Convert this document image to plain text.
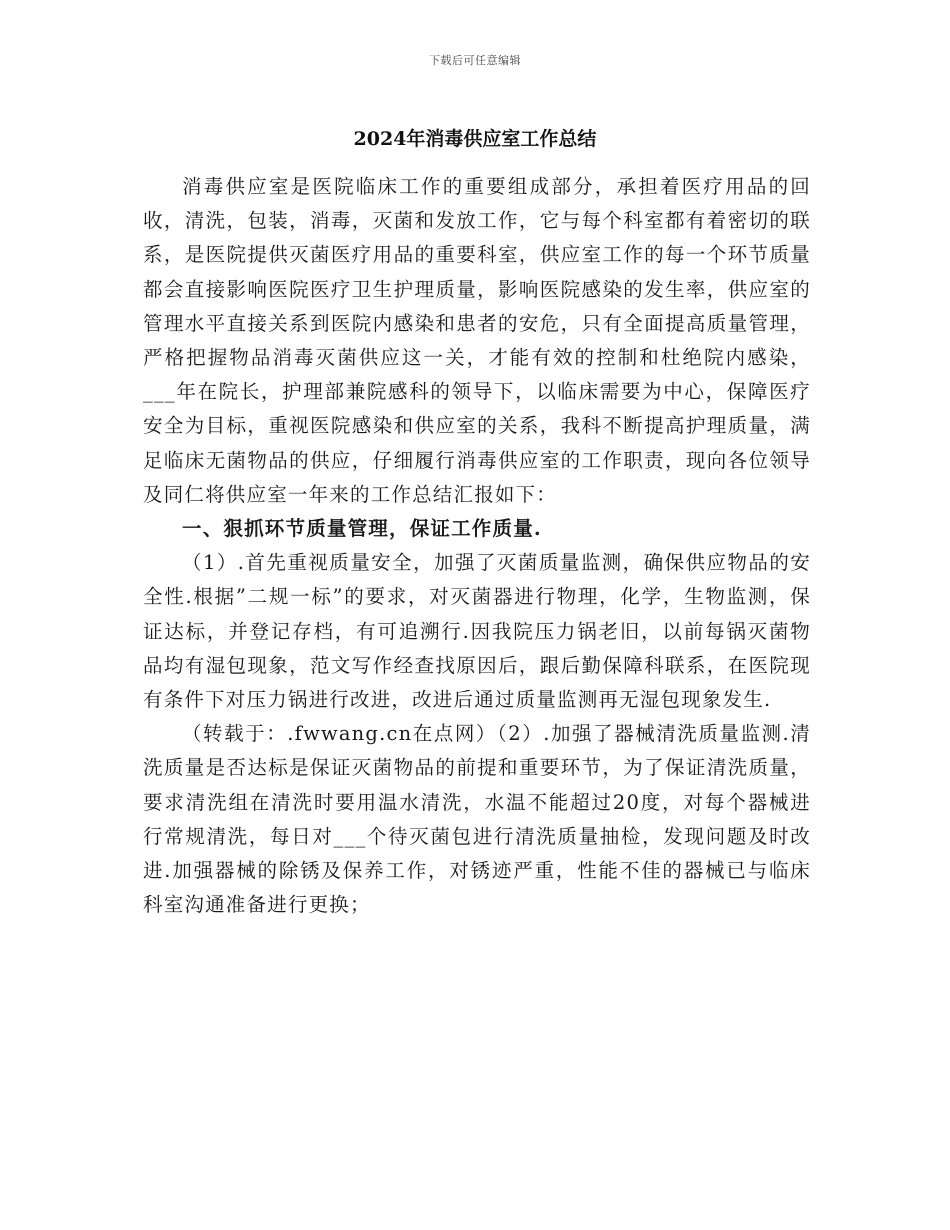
下载后可任意编辑
2024年消毒供应室工作总结

消毒供应室是医院临床工作的重要组成部分，承担着医疗用品的回收，清洗，包装，消毒，灭菌和发放工作，它与每个科室都有着密切的联系，是医院提供灭菌医疗用品的重要科室，供应室工作的每一个环节质量都会直接影响医院医疗卫生护理质量，影响医院感染的发生率，供应室的管理水平直接关系到医院内感染和患者的安危，只有全面提高质量管理，严格把握物品消毒灭菌供应这一关，才能有效的控制和杜绝院内感染，___年在院长，护理部兼院感科的领导下，以临床需要为中心，保障医疗安全为目标，重视医院感染和供应室的关系，我科不断提高护理质量，满足临床无菌物品的供应，仔细履行消毒供应室的工作职责，现向各位领导及同仁将供应室一年来的工作总结汇报如下：

一、狠抓环节质量管理，保证工作质量.

（1）.首先重视质量安全，加强了灭菌质量监测，确保供应物品的安全性.根据”二规一标”的要求，对灭菌器进行物理，化学，生物监测，保证达标，并登记存档，有可追溯行.因我院压力锅老旧，以前每锅灭菌物品均有湿包现象，范文写作经查找原因后，跟后勤保障科联系，在医院现有条件下对压力锅进行改进，改进后通过质量监测再无湿包现象发生.

（转载于：.fwwang.cn在点网）（2）.加强了器械清洗质量监测.清洗质量是否达标是保证灭菌物品的前提和重要环节，为了保证清洗质量，要求清洗组在清洗时要用温水清洗，水温不能超过20度，对每个器械进行常规清洗，每日对___个待灭菌包进行清洗质量抽检，发现问题及时改进.加强器械的除锈及保养工作，对锈迹严重，性能不佳的器械已与临床科室沟通准备进行更换；
